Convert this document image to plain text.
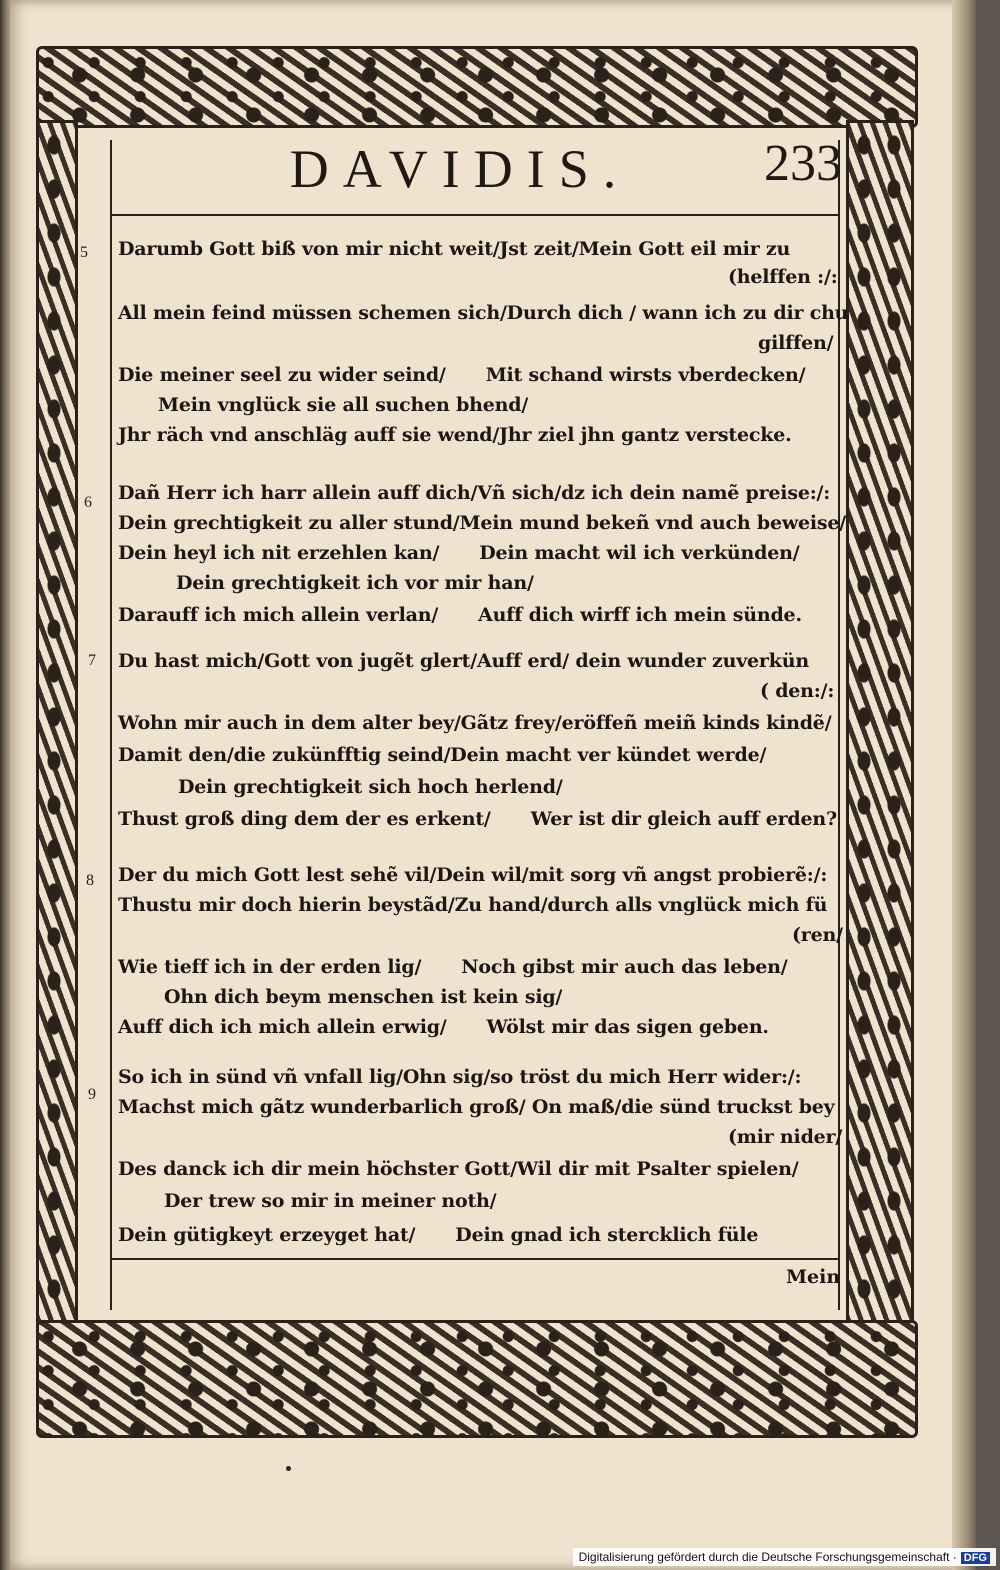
DAVIDIS.	233
5 Darumb Gott biß von mir nicht weit/Jst zeit/Mein Gott eil mir zu
(helffen :/:
All mein feind müssen schemen sich/Durch dich / wann ich zu dir chu
gilffen/
Die meiner seel zu wider seind/ Mit schand wirsts vberdecken/
Mein vnglück sie all suchen bhend/
Jhr räch vnd anschläg auff sie wend/Jhr ziel jhn gantz verstecke.
6 Dañ Herr ich harr allein auff dich/Vñ sich/dz ich dein namẽ preise:/:
Dein grechtigkeit zu aller stund/Mein mund bekeñ vnd auch beweise/
Dein heyl ich nit erzehlen kan/ Dein macht wil ich verkünden/
Dein grechtigkeit ich vor mir han/
Darauff ich mich allein verlan/ Auff dich wirff ich mein sünde.
7 Du hast mich/Gott von jugẽt glert/Auff erd/ dein wunder zuverkün
( den:/:
Wohn mir auch in dem alter bey/Gãtz frey/eröffeñ meiñ kinds kindẽ/
Damit den/die zukünfftig seind/Dein macht ver kündet werde/
Dein grechtigkeit sich hoch herlend/
Thust groß ding dem der es erkent/ Wer ist dir gleich auff erden?
8 Der du mich Gott lest sehẽ vil/Dein wil/mit sorg vñ angst probierẽ:/:
Thustu mir doch hierin beystãd/Zu hand/durch alls vnglück mich fü
(ren/
Wie tieff ich in der erden lig/ Noch gibst mir auch das leben/
Ohn dich beym menschen ist kein sig/
Auff dich ich mich allein erwig/ Wölst mir das sigen geben.
9
So ich in sünd vñ vnfall lig/Ohn sig/so tröst du mich Herr wider:/:
Machst mich gãtz wunderbarlich groß/ On maß/die sünd truckst bey
(mir nider/
Des danck ich dir mein höchster Gott/Wil dir mit Psalter spielen/
Der trew so mir in meiner noth/
Dein gütigkeyt erzeyget hat/ Dein gnad ich stercklich füle
Mein
Digitalisierung gefördert durch die Deutsche Forschungsgemeinschaft · DFG
